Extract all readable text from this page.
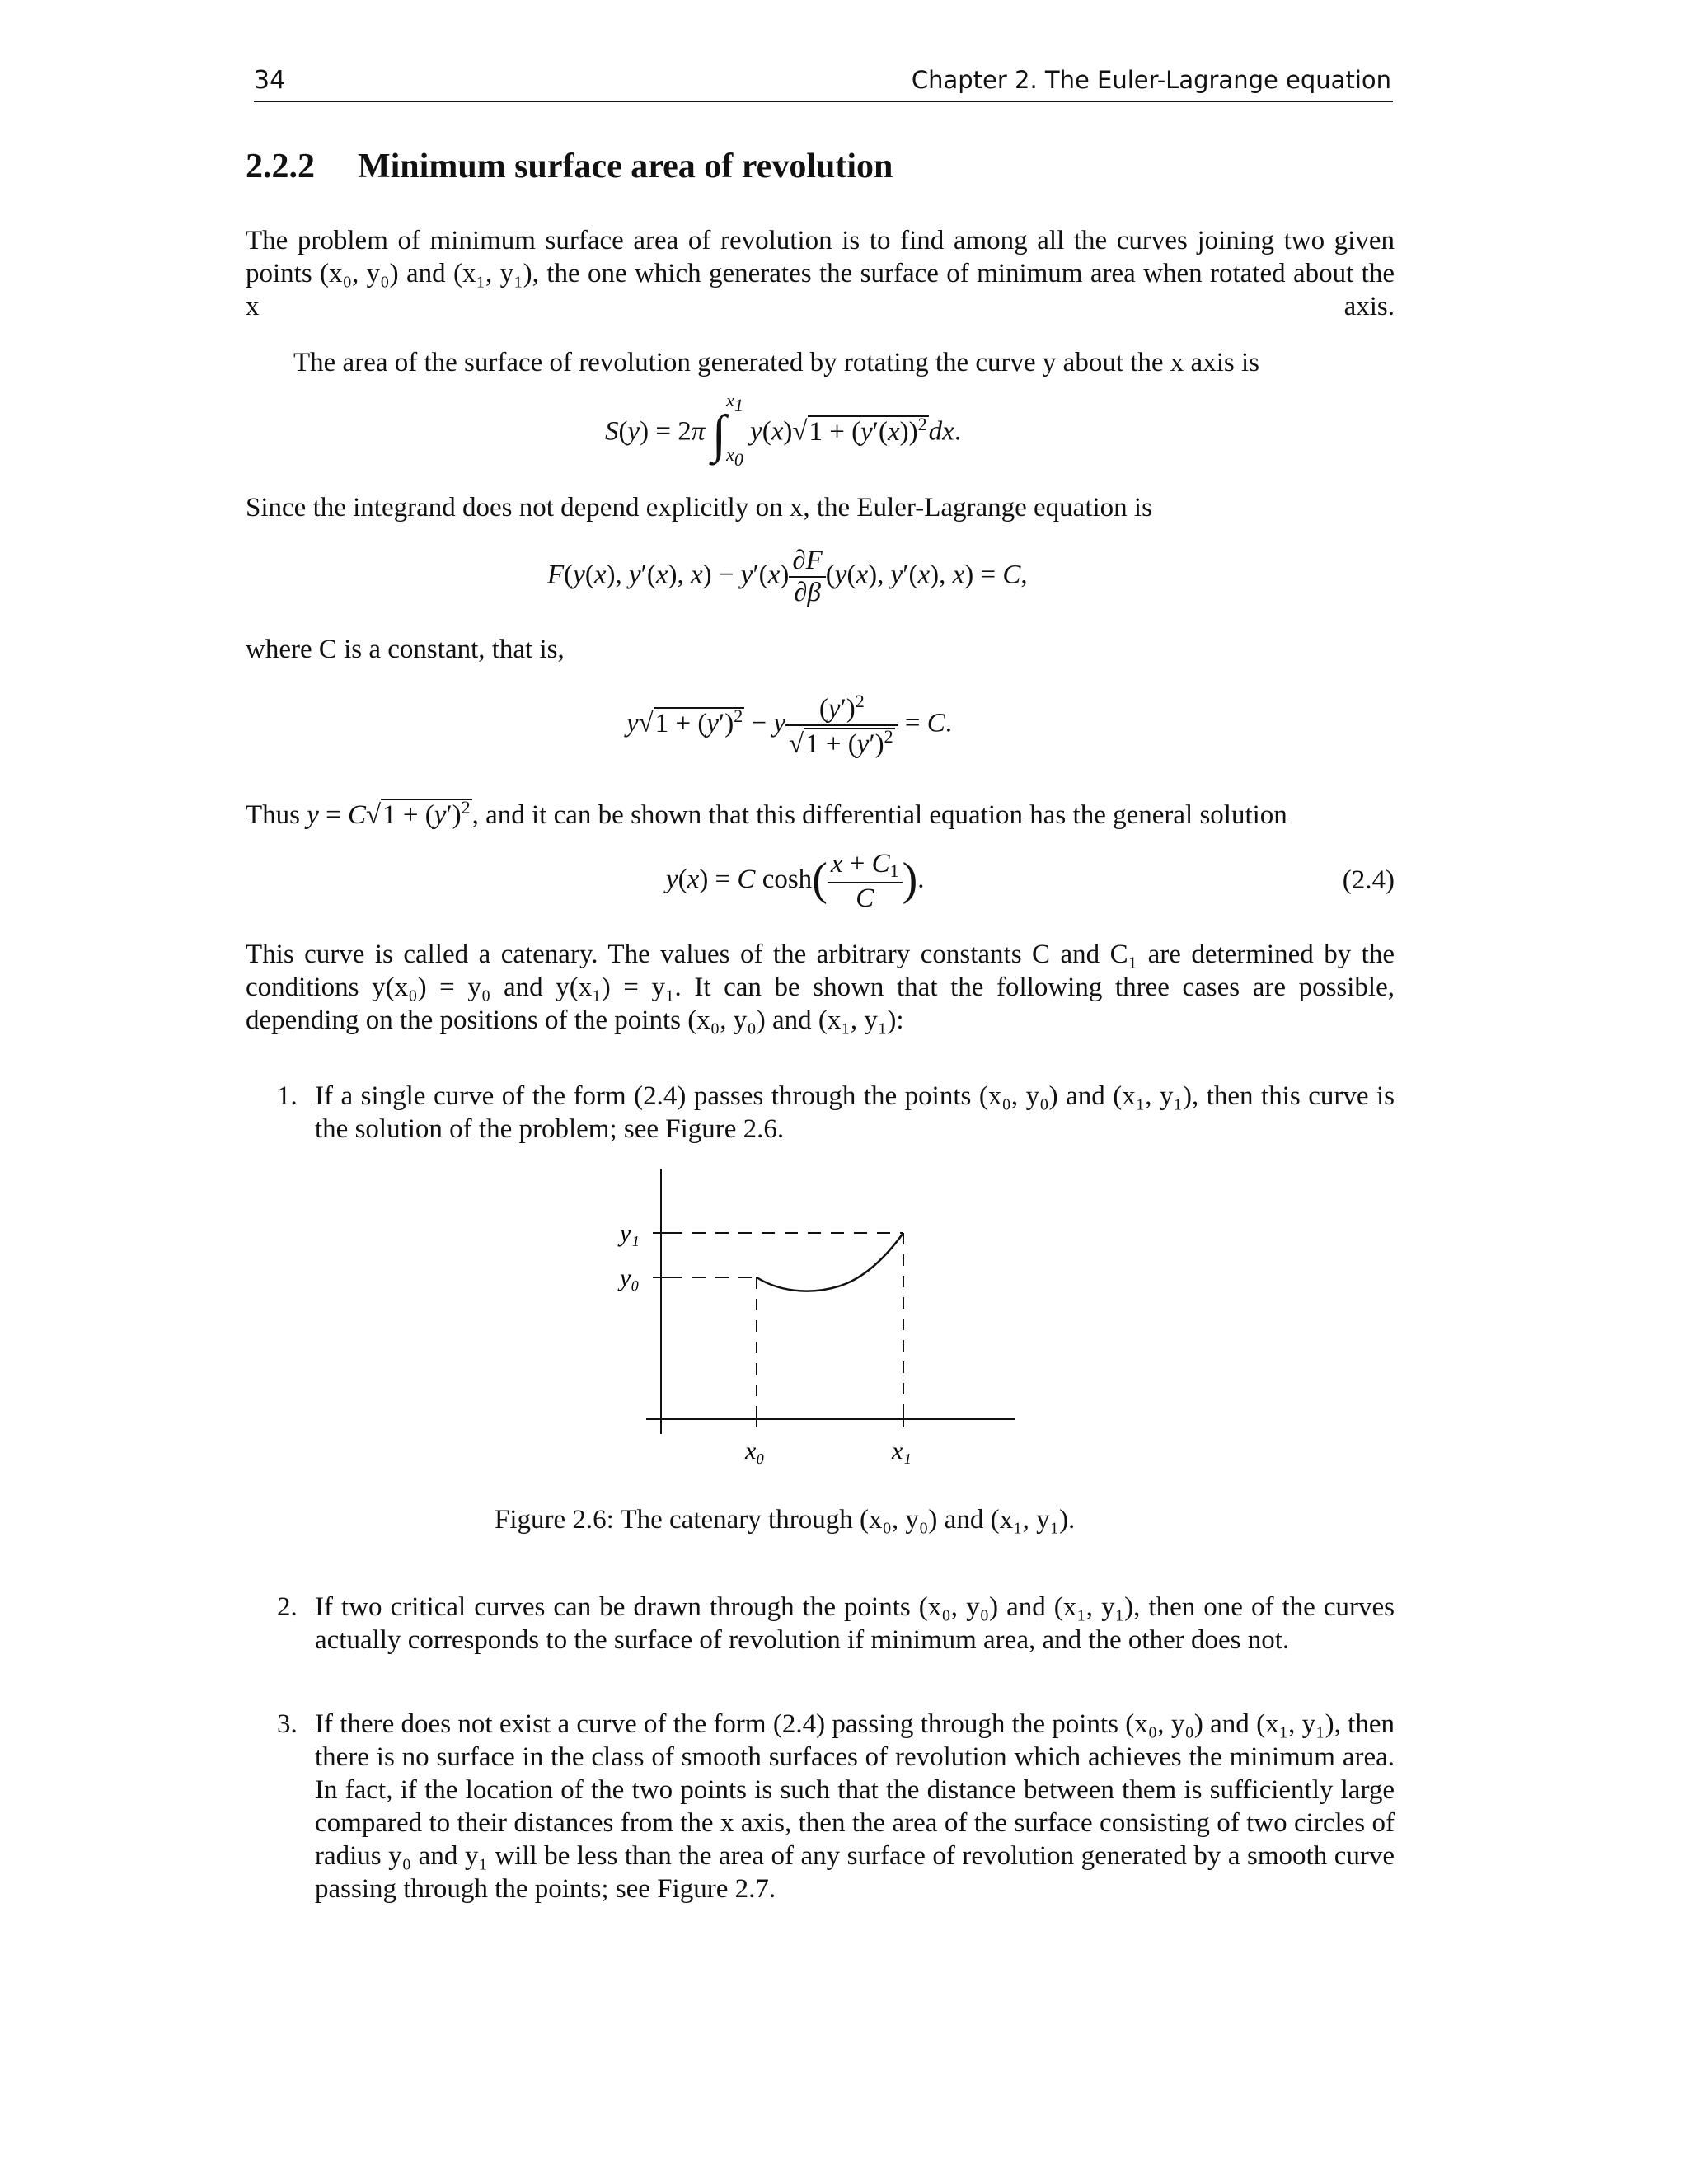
34	Chapter 2. The Euler-Lagrange equation
2.2.2 Minimum surface area of revolution
The problem of minimum surface area of revolution is to find among all the curves joining two given points (x₀, y₀) and (x₁, y₁), the one which generates the surface of minimum area when rotated about the x axis.
The area of the surface of revolution generated by rotating the curve y about the x axis is
S(y) = 2π ∫
$x_1$
$x_0$
$y(x)√1 + (y'(x))^2dx$.
Since the integrand does not depend explicitly on x, the Euler-Lagrange equation is
F(y(x), y′(x), $x) - y'(x) \frac{\partial F}{\partial\beta} (y(x)$, y′(x), x) = C,
where C is a constant, that is,
$y√1 + (y')^2 - y \frac{(y')^2}{√1 + (y')^2} = C$.
Thus $y = C√1 + (y')^2$, and it can be shown that this differential equation has the general solution
y(x) = C $\cosh( \frac{x + C_1}{C}$ ).	(2.4)
This curve is called a catenary. The values of the arbitrary constants C and C₁ are determined by the conditions y(x₀) = y₀ and y(x₁) = y₁. It can be shown that the following three cases are possible, depending on the positions of the points (x₀, y₀) and (x₁, y₁):
1. If a single curve of the form (2.4) passes through the points (x₀, y₀) and (x₁, y₁), then this curve is the solution of the problem; see Figure 2.6.
y₁
y₀
x₀	x₁
Figure 2.6: The catenary through (x₀, y₀) and (x₁, y₁).
2. If two critical curves can be drawn through the points (x₀, y₀) and (x₁, y₁), then one of the curves actually corresponds to the surface of revolution if minimum area, and the other does not.
3. If there does not exist a curve of the form (2.4) passing through the points (x₀, y₀) and (x₁, y₁), then there is no surface in the class of smooth surfaces of revolution which achieves the minimum area. In fact, if the location of the two points is such that the distance between them is sufficiently large compared to their distances from the x axis, then the area of the surface consisting of two circles of radius y₀ and y₁ will be less than the area of any surface of revolution generated by a smooth curve passing through the points; see Figure 2.7.
